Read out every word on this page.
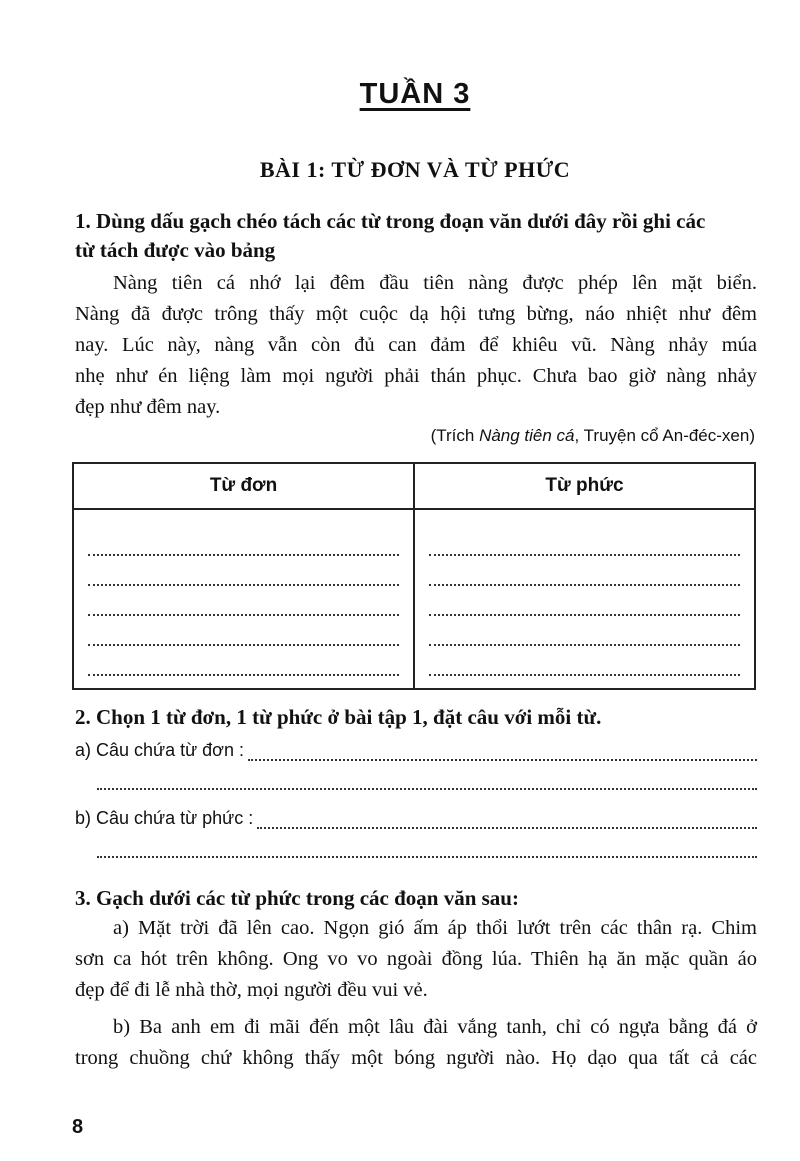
TUẦN 3
BÀI 1: TỪ ĐƠN VÀ TỪ PHỨC
1. Dùng dấu gạch chéo tách các từ trong đoạn văn dưới đây rồi ghi các
từ tách được vào bảng
Nàng tiên cá nhớ lại đêm đầu tiên nàng được phép lên mặt biển.
Nàng đã được trông thấy một cuộc dạ hội tưng bừng, náo nhiệt như đêm
nay. Lúc này, nàng vẫn còn đủ can đảm để khiêu vũ. Nàng nhảy múa
nhẹ như én liệng làm mọi người phải thán phục. Chưa bao giờ nàng nhảy
đẹp như đêm nay.
(Trích Nàng tiên cá, Truyện cổ An-đéc-xen)
Từ đơn	Từ phức

2. Chọn 1 từ đơn, 1 từ phức ở bài tập 1, đặt câu với mỗi từ.
a) Câu chứa từ đơn :
b) Câu chứa từ phức :
3. Gạch dưới các từ phức trong các đoạn văn sau:
a) Mặt trời đã lên cao. Ngọn gió ấm áp thổi lướt trên các thân rạ. Chim
sơn ca hót trên không. Ong vo vo ngoài đồng lúa. Thiên hạ ăn mặc quần áo
đẹp để đi lễ nhà thờ, mọi người đều vui vẻ.
b) Ba anh em đi mãi đến một lâu đài vắng tanh, chỉ có ngựa bằng đá ở
trong chuồng chứ không thấy một bóng người nào. Họ dạo qua tất cả các
8
